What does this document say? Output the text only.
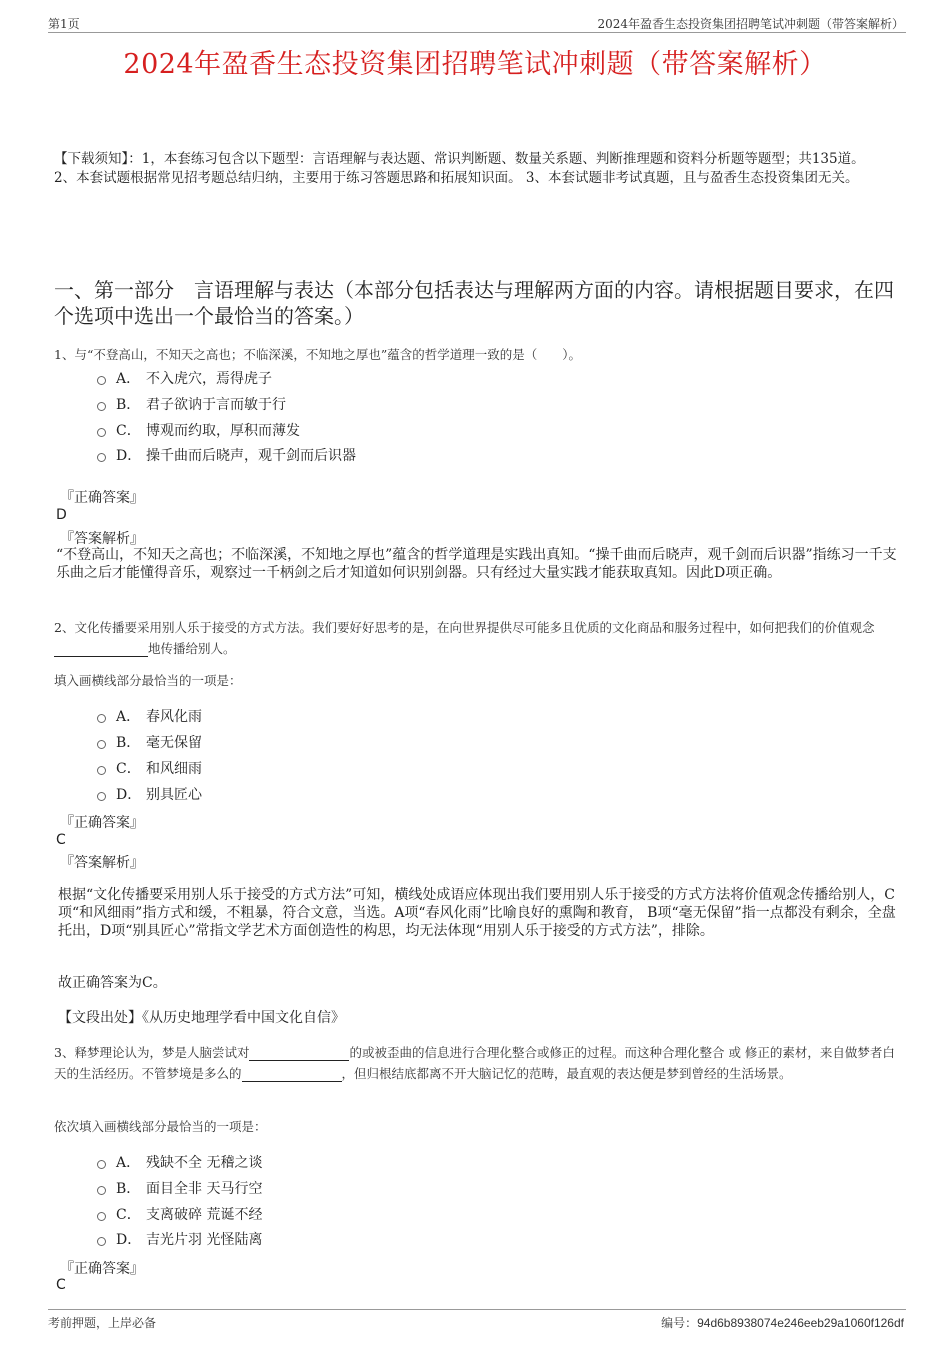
第1页	2024年盈香生态投资集团招聘笔试冲刺题（带答案解析）
2024年盈香生态投资集团招聘笔试冲刺题（带答案解析）
【下载须知】：1，本套练习包含以下题型：言语理解与表达题、常识判断题、数量关系题、判断推理题和资料分析题等题型；共135道。 2、本套试题根据常见招考题总结归纳，主要用于练习答题思路和拓展知识面。 3、本套试题非考试真题，且与盈香生态投资集团无关。
一、第一部分　言语理解与表达（本部分包括表达与理解两方面的内容。请根据题目要求，在四个选项中选出一个最恰当的答案。）
1、与“不登高山，不知天之高也；不临深溪，不知地之厚也”蕴含的哲学道理一致的是（　　）。
A． 不入虎穴，焉得虎子
B． 君子欲讷于言而敏于行
C． 博观而约取，厚积而薄发
D． 操千曲而后晓声，观千剑而后识器
『正确答案』
D
『答案解析』
“不登高山，不知天之高也；不临深溪，不知地之厚也”蕴含的哲学道理是实践出真知。“操千曲而后晓声，观千剑而后识器”指练习一千支乐曲之后才能懂得音乐，观察过一千柄剑之后才知道如何识别剑器。只有经过大量实践才能获取真知。因此D项正确。
2、文化传播要采用别人乐于接受的方式方法。我们要好好思考的是，在向世界提供尽可能多且优质的文化商品和服务过程中，如何把我们的价值观念地传播给别人。
填入画横线部分最恰当的一项是：
A． 春风化雨
B． 毫无保留
C． 和风细雨
D． 别具匠心
『正确答案』
C
『答案解析』
根据“文化传播要采用别人乐于接受的方式方法”可知，横线处成语应体现出我们要用别人乐于接受的方式方法将价值观念传播给别人，C项“和风细雨”指方式和缓，不粗暴，符合文意，当选。A项“春风化雨”比喻良好的熏陶和教育， B项“毫无保留”指一点都没有剩余，全盘托出，D项“别具匠心”常指文学艺术方面创造性的构思，均无法体现“用别人乐于接受的方式方法”，排除。
故正确答案为C。
【文段出处】《从历史地理学看中国文化自信》
3、释梦理论认为，梦是人脑尝试对	的或被歪曲的信息进行合理化整合或修正的过程。而这种合理化整合 或 修正的素材，来自做梦者白天的生活经历。不管梦境是多么的	，但归根结底都离不开大脑记忆的范畴，最直观的表达便是梦到曾经的生活场景。
依次填入画横线部分最恰当的一项是：
A． 残缺不全 无稽之谈
B． 面目全非 天马行空
C． 支离破碎 荒诞不经
D． 吉光片羽 光怪陆离
『正确答案』
C
考前押题，上岸必备	编号：94d6b8938074e246eeb29a1060f126df
